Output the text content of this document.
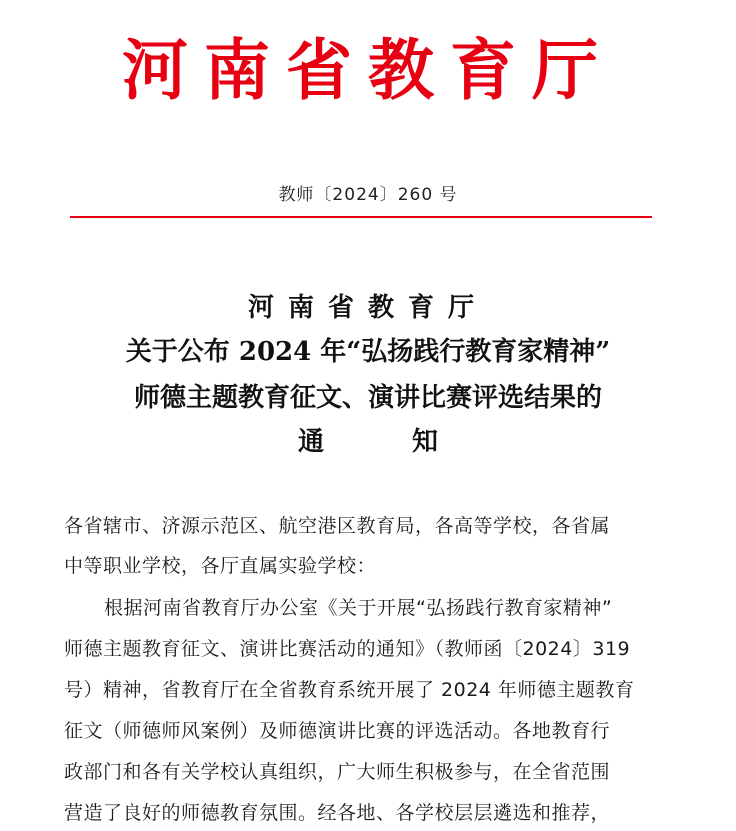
河南省教育厅
教师〔2024〕260 号
河南省教育厅
关于公布 2024 年“弘扬践行教育家精神”
师德主题教育征文、演讲比赛评选结果的
通	知
各省辖市、济源示范区、航空港区教育局，各高等学校，各省属
中等职业学校，各厅直属实验学校：
根据河南省教育厅办公室《关于开展“弘扬践行教育家精神”
师德主题教育征文、演讲比赛活动的通知》（教师函〔2024〕319
号）精神，省教育厅在全省教育系统开展了 2024 年师德主题教育
征文（师德师风案例）及师德演讲比赛的评选活动。各地教育行
政部门和各有关学校认真组织，广大师生积极参与，在全省范围
营造了良好的师德教育氛围。经各地、各学校层层遴选和推荐，
